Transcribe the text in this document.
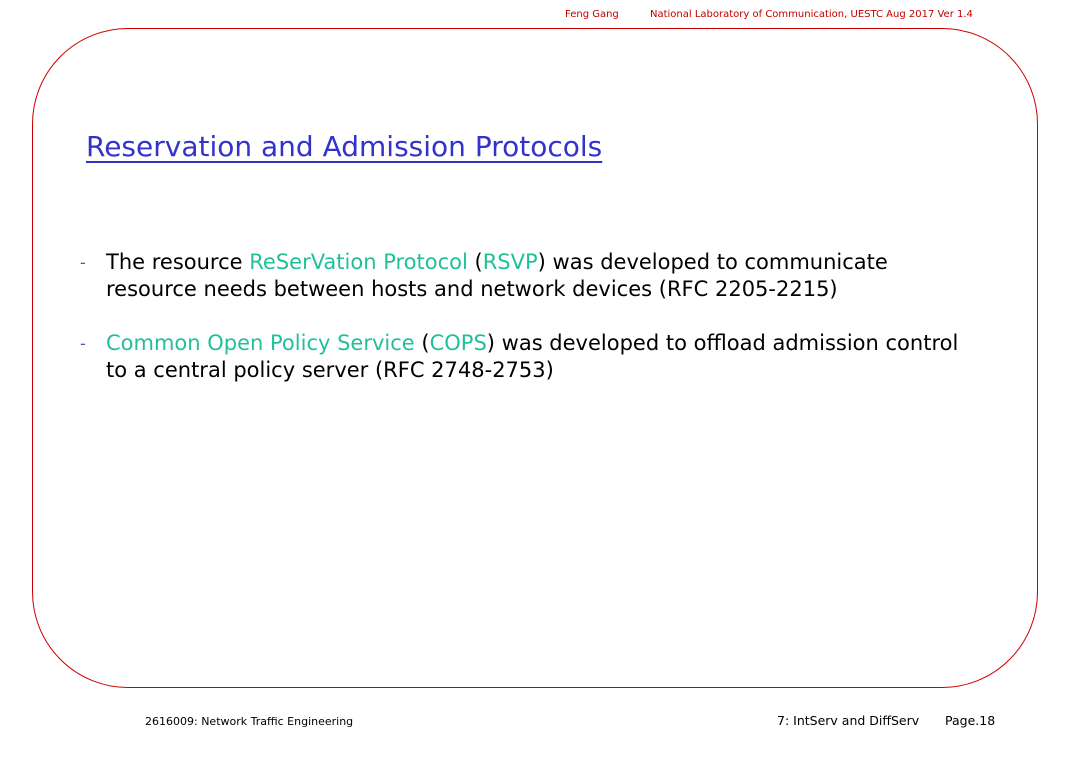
Feng Gang	National Laboratory of Communication, UESTC Aug 2017 Ver 1.4
Reservation and Admission Protocols
- The resource ReSerVation Protocol (RSVP) was developed to communicate resource needs between hosts and network devices (RFC 2205-2215)
- Common Open Policy Service (COPS) was developed to offload admission control to a central policy server (RFC 2748-2753)
2616009: Network Traffic Engineering	7: IntServ and DiffServ Page.18
